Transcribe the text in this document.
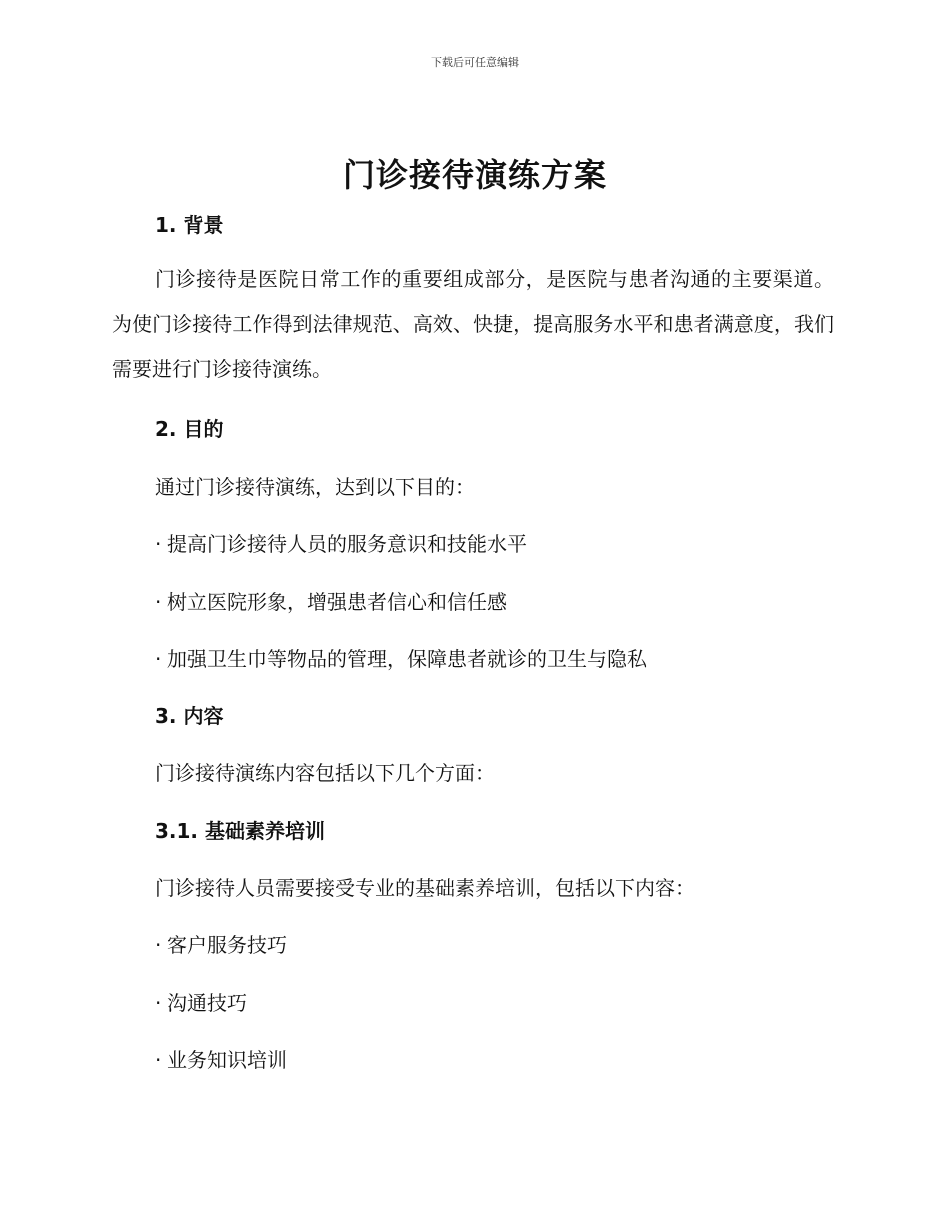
下载后可任意编辑
门诊接待演练方案
1. 背景

门诊接待是医院日常工作的重要组成部分，是医院与患者沟通的主要渠道。为使门诊接待工作得到法律规范、高效、快捷，提高服务水平和患者满意度，我们需要进行门诊接待演练。

2. 目的

通过门诊接待演练，达到以下目的：

· 提高门诊接待人员的服务意识和技能水平

· 树立医院形象，增强患者信心和信任感

· 加强卫生巾等物品的管理，保障患者就诊的卫生与隐私

3. 内容

门诊接待演练内容包括以下几个方面：

3.1. 基础素养培训

门诊接待人员需要接受专业的基础素养培训，包括以下内容：

· 客户服务技巧

· 沟通技巧

· 业务知识培训
